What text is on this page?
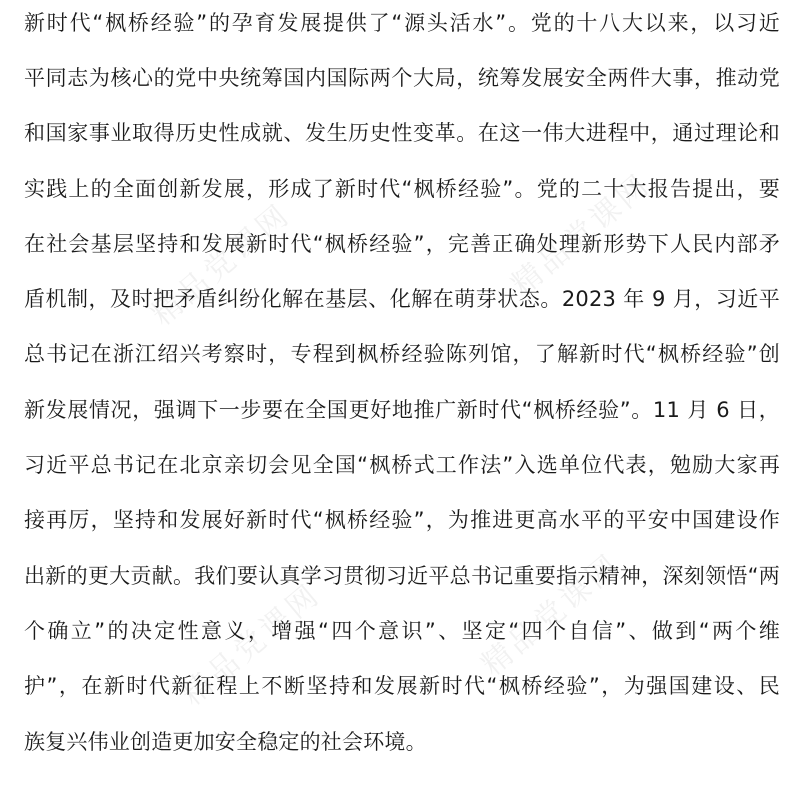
精品党课网	精品党课网
精品党课网	精品党课网
新时代“枫桥经验”的孕育发展提供了“源头活水”。党的十八大以来，以习近
平同志为核心的党中央统筹国内国际两个大局，统筹发展安全两件大事，推动党
和国家事业取得历史性成就、发生历史性变革。在这一伟大进程中，通过理论和
实践上的全面创新发展，形成了新时代“枫桥经验”。党的二十大报告提出，要
在社会基层坚持和发展新时代“枫桥经验”，完善正确处理新形势下人民内部矛
盾机制，及时把矛盾纠纷化解在基层、化解在萌芽状态。2023 年 9 月，习近平
总书记在浙江绍兴考察时，专程到枫桥经验陈列馆，了解新时代“枫桥经验”创
新发展情况，强调下一步要在全国更好地推广新时代“枫桥经验”。11 月 6 日，
习近平总书记在北京亲切会见全国“枫桥式工作法”入选单位代表，勉励大家再
接再厉，坚持和发展好新时代“枫桥经验”，为推进更高水平的平安中国建设作
出新的更大贡献。我们要认真学习贯彻习近平总书记重要指示精神，深刻领悟“两
个确立”的决定性意义，增强“四个意识”、坚定“四个自信”、做到“两个维
护”，在新时代新征程上不断坚持和发展新时代“枫桥经验”，为强国建设、民
族复兴伟业创造更加安全稳定的社会环境。
